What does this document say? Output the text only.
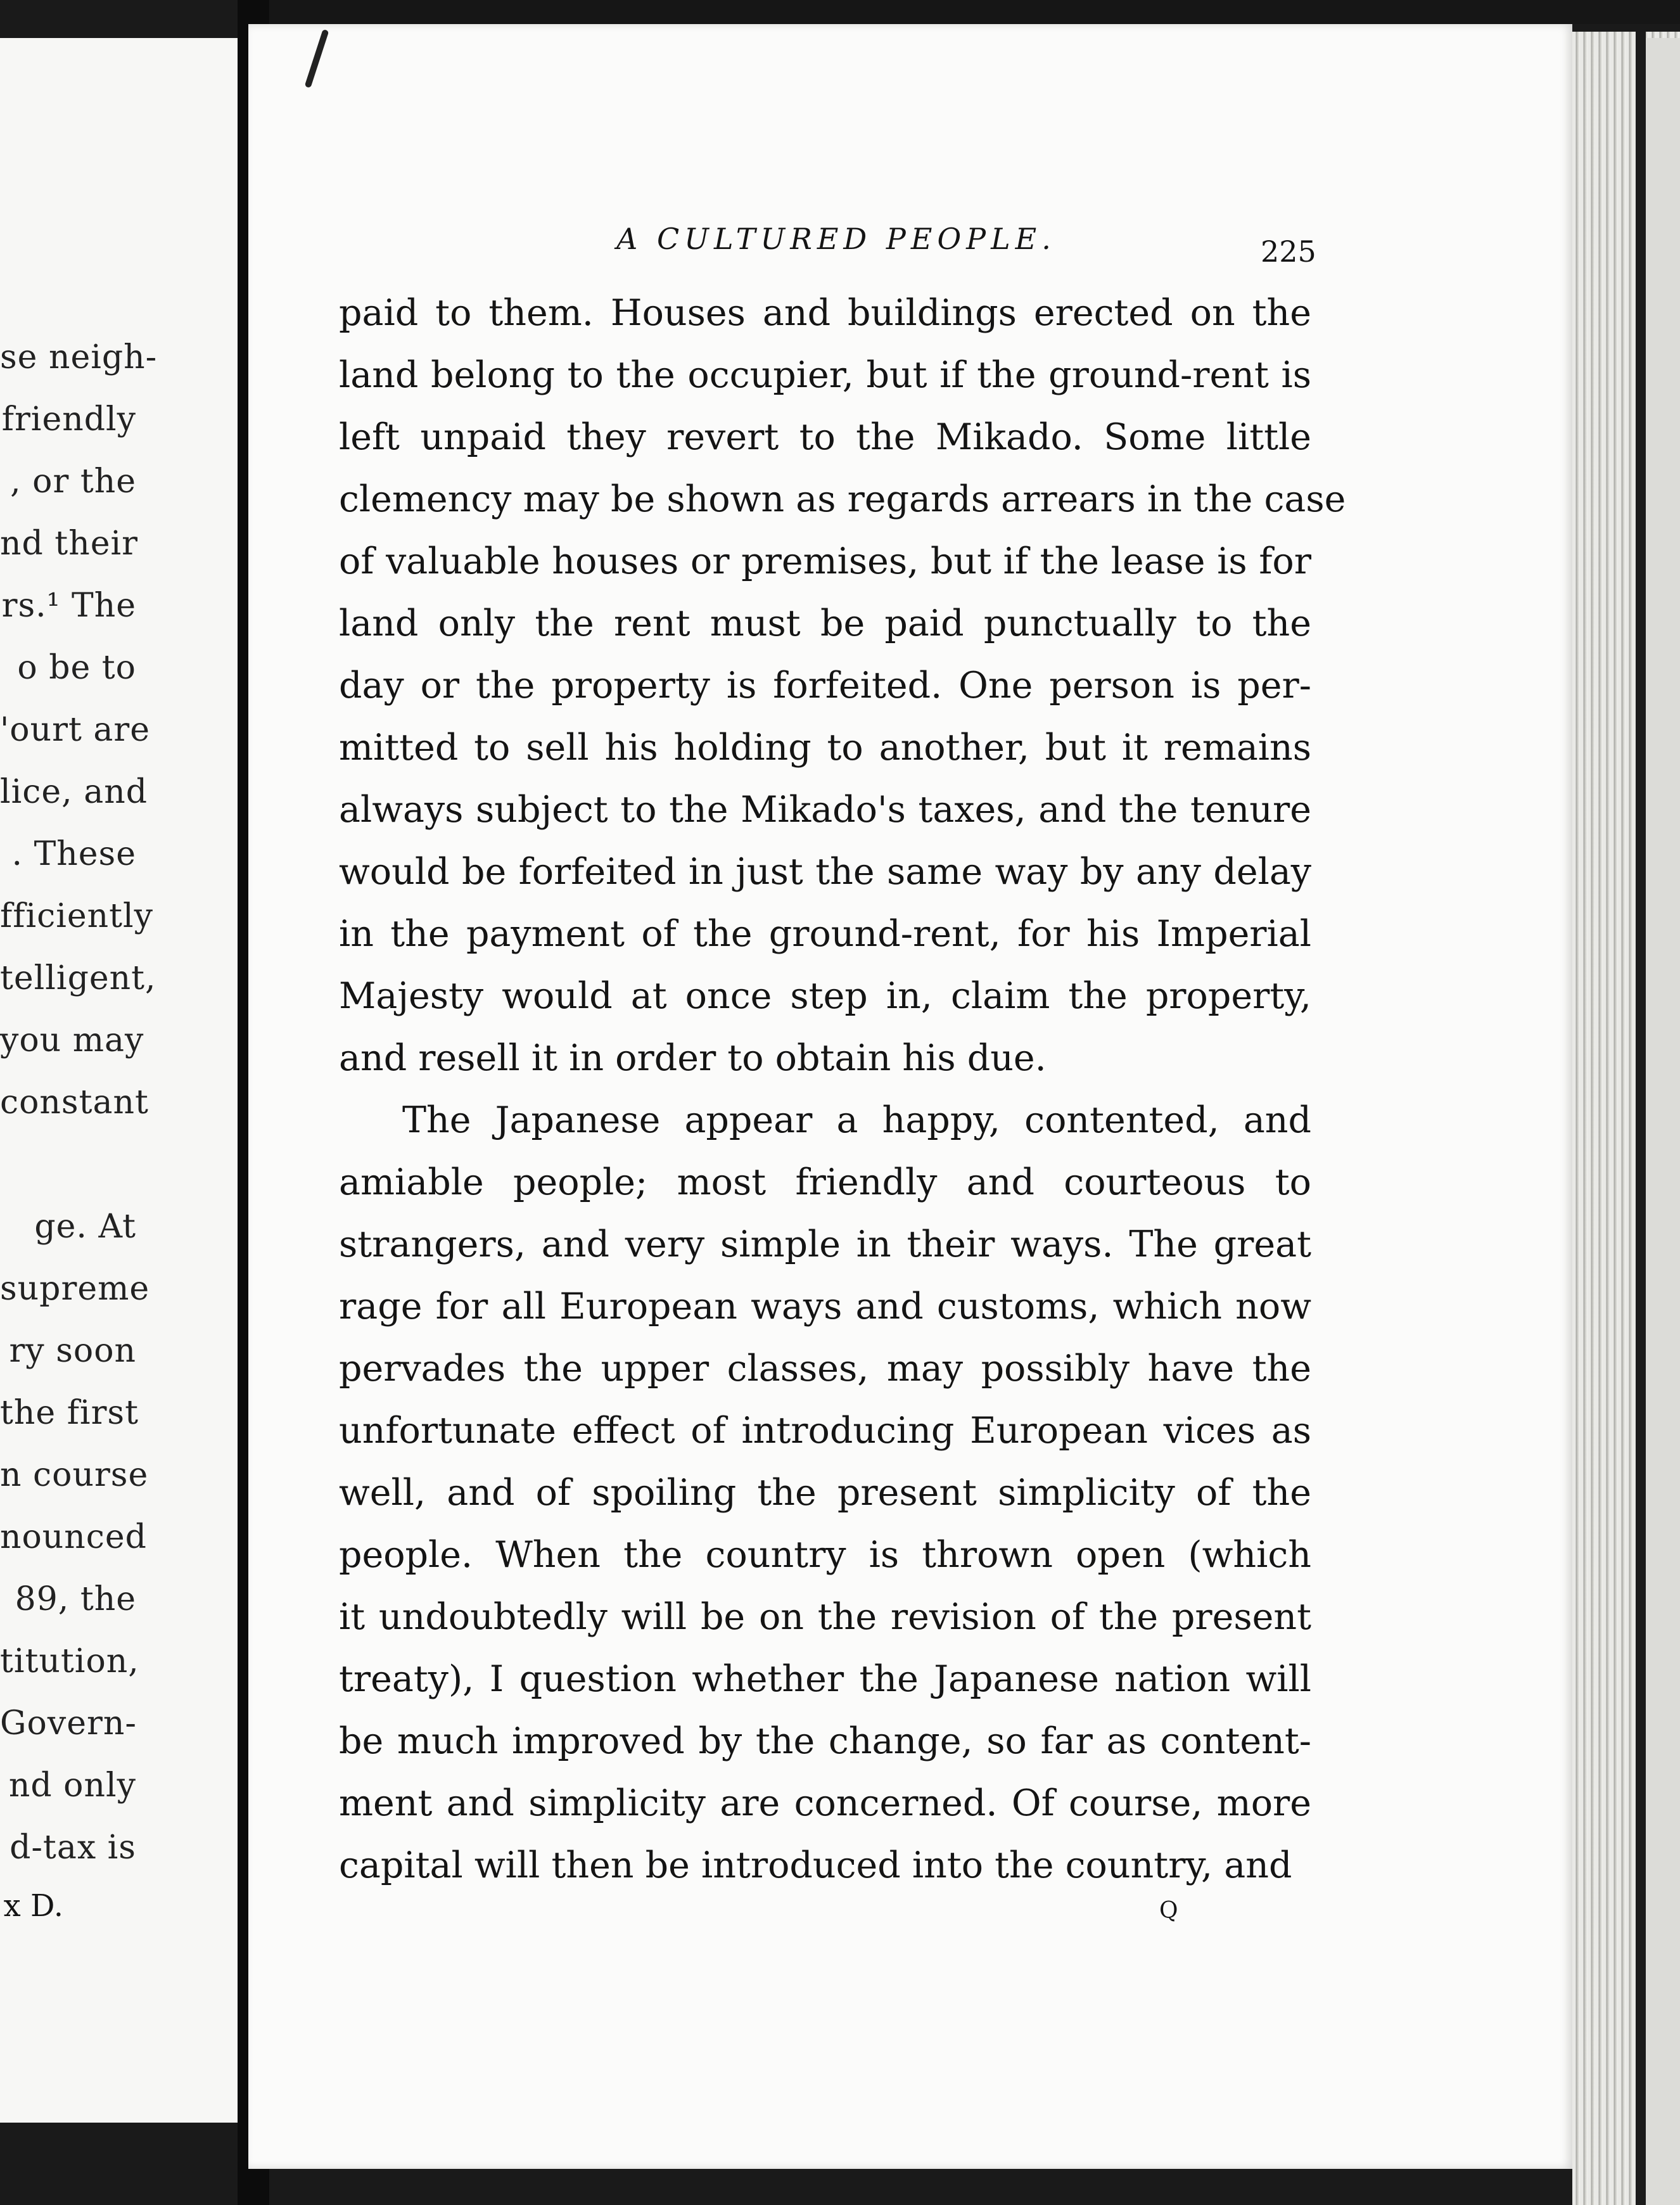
se neigh-
friendly
, or the
nd their
rs.¹ The
o be to
'ourt are
lice, and
. These
fficiently
telligent,
you may
constant
ge. At
supreme
ry soon
the first
n course
nounced
89, the
titution,
Govern-
nd only
d-tax is
x D.
A CULTURED PEOPLE.	225
paid to them. Houses and buildings erected on the
land belong to the occupier, but if the ground-rent is
left unpaid they revert to the Mikado. Some little
clemency may be shown as regards arrears in the case
of valuable houses or premises, but if the lease is for
land only the rent must be paid punctually to the
day or the property is forfeited. One person is per-
mitted to sell his holding to another, but it remains
always subject to the Mikado's taxes, and the tenure
would be forfeited in just the same way by any delay
in the payment of the ground-rent, for his Imperial
Majesty would at once step in, claim the property,
and resell it in order to obtain his due.
The Japanese appear a happy, contented, and
amiable people; most friendly and courteous to
strangers, and very simple in their ways. The great
rage for all European ways and customs, which now
pervades the upper classes, may possibly have the
unfortunate effect of introducing European vices as
well, and of spoiling the present simplicity of the
people. When the country is thrown open (which
it undoubtedly will be on the revision of the present
treaty), I question whether the Japanese nation will
be much improved by the change, so far as content-
ment and simplicity are concerned. Of course, more
capital will then be introduced into the country, and
Q
